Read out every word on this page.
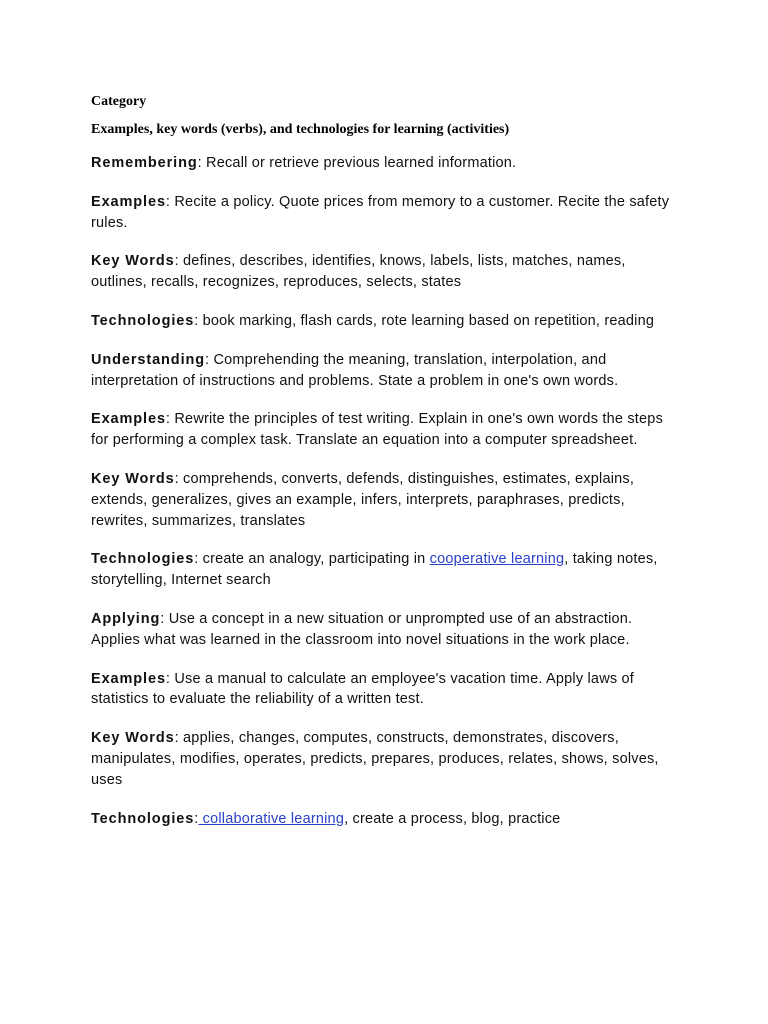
Category

Examples, key words (verbs), and technologies for learning (activities)

Remembering: Recall or retrieve previous learned information.

Examples: Recite a policy. Quote prices from memory to a customer. Recite the safety rules.

Key Words: defines, describes, identifies, knows, labels, lists, matches, names, outlines, recalls, recognizes, reproduces, selects, states

Technologies: book marking, flash cards, rote learning based on repetition, reading

Understanding: Comprehending the meaning, translation, interpolation, and interpretation of instructions and problems. State a problem in one's own words.

Examples: Rewrite the principles of test writing. Explain in one's own words the steps for performing a complex task. Translate an equation into a computer spreadsheet.

Key Words: comprehends, converts, defends, distinguishes, estimates, explains, extends, generalizes, gives an example, infers, interprets, paraphrases, predicts, rewrites, summarizes, translates

Technologies: create an analogy, participating in cooperative learning, taking notes, storytelling, Internet search

Applying: Use a concept in a new situation or unprompted use of an abstraction. Applies what was learned in the classroom into novel situations in the work place.

Examples: Use a manual to calculate an employee's vacation time. Apply laws of statistics to evaluate the reliability of a written test.

Key Words: applies, changes, computes, constructs, demonstrates, discovers, manipulates, modifies, operates, predicts, prepares, produces, relates, shows, solves, uses

Technologies: collaborative learning, create a process, blog, practice
